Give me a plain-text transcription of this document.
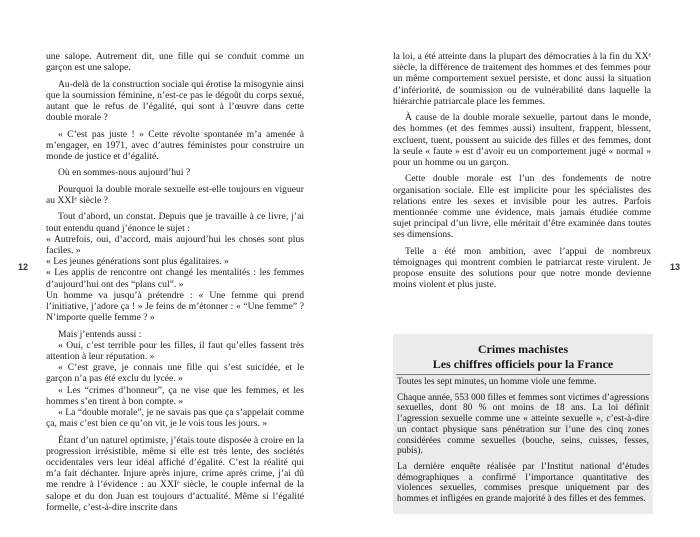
une salope. Autrement dit, une fille qui se conduit comme un garçon est une salope.

Au-delà de la construction sociale qui érotise la misogynie ainsi que la soumission féminine, n’est-ce pas le dégoût du corps sexué, autant que le refus de l’égalité, qui sont à l’œuvre dans cette double morale ?

« C’est pas juste ! » Cette révolte spontanée m’a amenée à m’engager, en 1971, avec d’autres féministes pour construire un monde de justice et d’égalité.

Où en sommes-nous aujourd’hui ?

Pourquoi la double morale sexuelle est-elle toujours en vigueur au XXIᵉ siècle ?

Tout d’abord, un constat. Depuis que je travaille à ce livre, j’ai tout entendu quand j’énonce le sujet :

« Autrefois, oui, d’accord, mais aujourd’hui les choses sont plus faciles. »

« Les jeunes générations sont plus égalitaires. »

« Les applis de rencontre ont changé les mentalités : les femmes d’aujourd’hui ont des “plans cul”. »

Un homme va jusqu’à prétendre : « Une femme qui prend l’initiative, j’adore ça ! » Je feins de m’étonner : « “Une femme” ? N’importe quelle femme ? »

Mais j’entends aussi :

« Oui, c’est terrible pour les filles, il faut qu’elles fassent très attention à leur réputation. »

« C’est grave, je connais une fille qui s’est suicidée, et le garçon n’a pas été exclu du lycée. »

« Les “crimes d’honneur”, ça ne vise que les femmes, et les hommes s’en tirent à bon compte. »

« La “double morale”, je ne savais pas que ça s’appelait comme ça, mais c’est bien ce qu’on vit, je le vois tous les jours. »

Étant d’un naturel optimiste, j’étais toute disposée à croire en la progression irrésistible, même si elle est très lente, des sociétés occidentales vers leur idéal affiché d’égalité. C’est la réalité qui m’a fait déchanter. Injure après injure, crime après crime, j’ai dû me rendre à l’évidence : au XXIᵉ siècle, le couple infernal de la salope et du don Juan est toujours d’actualité. Même si l’égalité formelle, c’est-à-dire inscrite dans

12

la loi, a été atteinte dans la plupart des démocraties à la fin du XXᵉ siècle, la différence de traitement des hommes et des femmes pour un même comportement sexuel persiste, et donc aussi la situation d’infériorité, de soumission ou de vulnérabilité dans laquelle la hiérarchie patriarcale place les femmes.

À cause de la double morale sexuelle, partout dans le monde, des hommes (et des femmes aussi) insultent, frappent, blessent, excluent, tuent, poussent au suicide des filles et des femmes, dont la seule « faute » est d’avoir eu un comportement jugé « normal » pour un homme ou un garçon.

Cette double morale est l’un des fondements de notre organisation sociale. Elle est implicite pour les spécialistes des relations entre les sexes et invisible pour les autres. Parfois mentionnée comme une évidence, mais jamais étudiée comme sujet principal d’un livre, elle méritait d’être examinée dans toutes ses dimensions.

Telle a été mon ambition, avec l’appui de nombreux témoignages qui montrent combien le patriarcat reste virulent. Je propose ensuite des solutions pour que notre monde devienne moins violent et plus juste.

13
Crimes machistes
Les chiffres officiels pour la France

Toutes les sept minutes, un homme viole une femme.

Chaque année, 553 000 filles et femmes sont victimes d’agressions sexuelles, dont 80 % ont moins de 18 ans. La loi définit l’agression sexuelle comme une « atteinte sexuelle », c’est-à-dire un contact physique sans pénétration sur l’une des cinq zones considérées comme sexuelles (bouche, seins, cuisses, fesses, pubis).

La dernière enquête réalisée par l’Institut national d’études démographiques a confirmé l’importance quantitative des violences sexuelles, commises presque uniquement par des hommes et infligées en grande majorité à des filles et des femmes.
